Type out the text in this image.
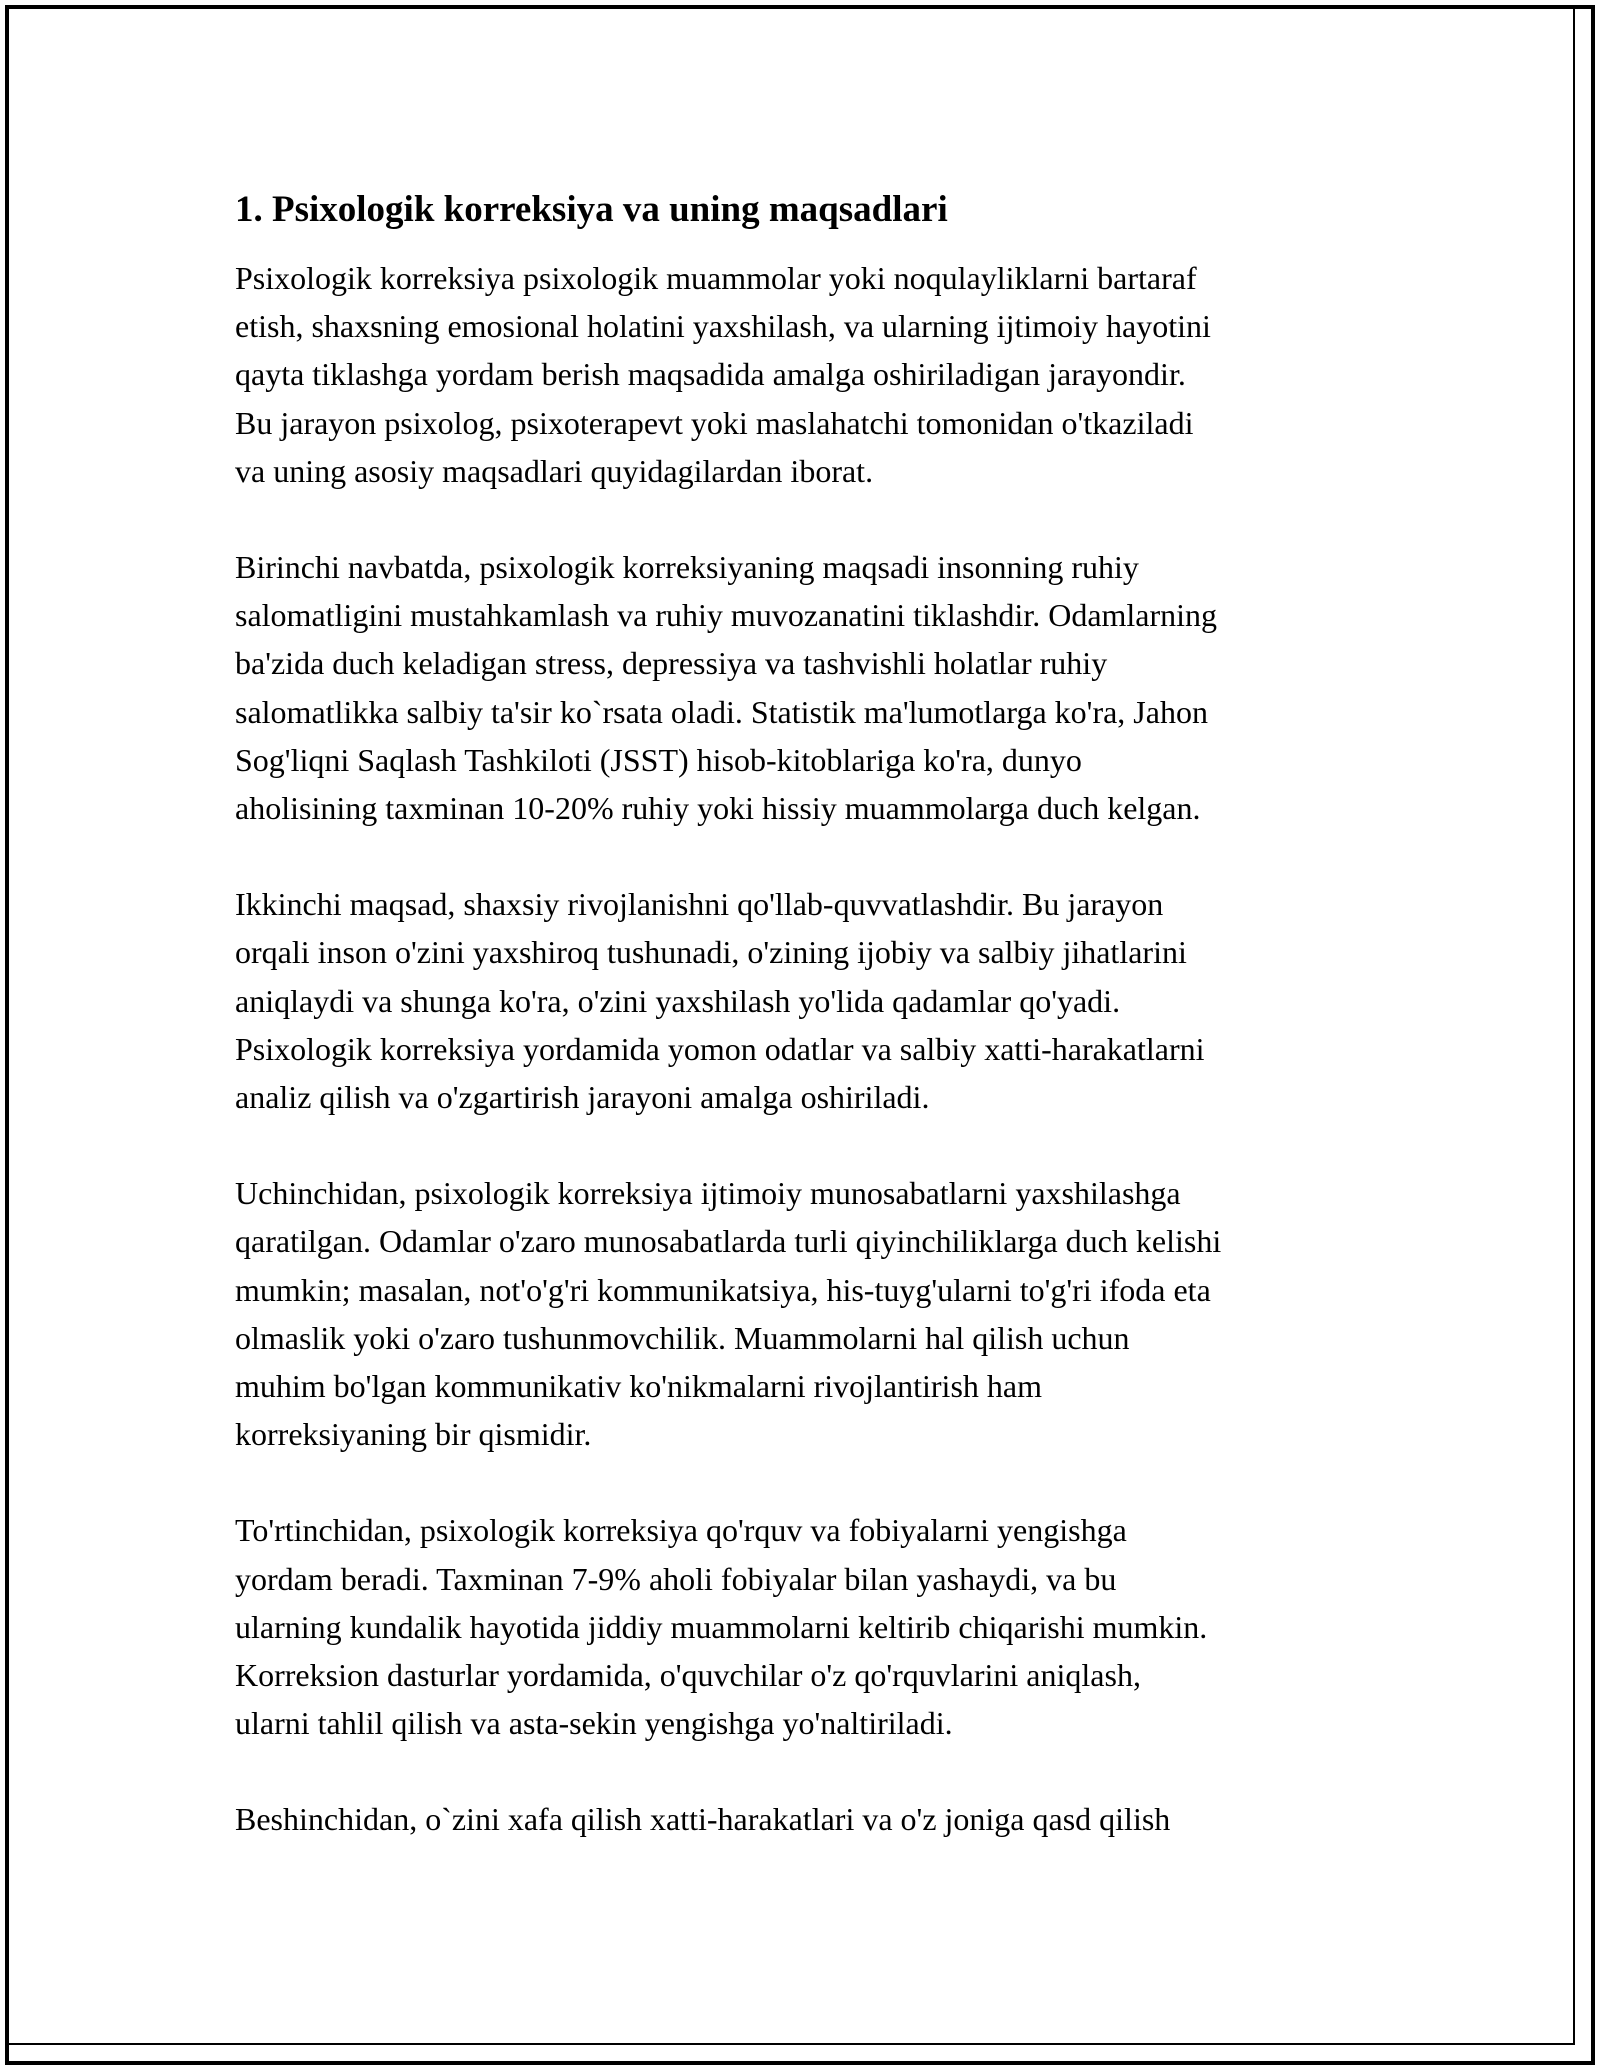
1. Psixologik korreksiya va uning maqsadlari
Psixologik korreksiya psixologik muammolar yoki noqulayliklarni bartaraf
etish, shaxsning emosional holatini yaxshilash, va ularning ijtimoiy hayotini
qayta tiklashga yordam berish maqsadida amalga oshiriladigan jarayondir.
Bu jarayon psixolog, psixoterapevt yoki maslahatchi tomonidan o'tkaziladi
va uning asosiy maqsadlari quyidagilardan iborat.
Birinchi navbatda, psixologik korreksiyaning maqsadi insonning ruhiy
salomatligini mustahkamlash va ruhiy muvozanatini tiklashdir. Odamlarning
ba'zida duch keladigan stress, depressiya va tashvishli holatlar ruhiy
salomatlikka salbiy ta'sir ko`rsata oladi. Statistik ma'lumotlarga ko'ra, Jahon
Sog'liqni Saqlash Tashkiloti (JSST) hisob-kitoblariga ko'ra, dunyo
aholisining taxminan 10-20% ruhiy yoki hissiy muammolarga duch kelgan.
Ikkinchi maqsad, shaxsiy rivojlanishni qo'llab-quvvatlashdir. Bu jarayon
orqali inson o'zini yaxshiroq tushunadi, o'zining ijobiy va salbiy jihatlarini
aniqlaydi va shunga ko'ra, o'zini yaxshilash yo'lida qadamlar qo'yadi.
Psixologik korreksiya yordamida yomon odatlar va salbiy xatti-harakatlarni
analiz qilish va o'zgartirish jarayoni amalga oshiriladi.
Uchinchidan, psixologik korreksiya ijtimoiy munosabatlarni yaxshilashga
qaratilgan. Odamlar o'zaro munosabatlarda turli qiyinchiliklarga duch kelishi
mumkin; masalan, not'o'g'ri kommunikatsiya, his-tuyg'ularni to'g'ri ifoda eta
olmaslik yoki o'zaro tushunmovchilik. Muammolarni hal qilish uchun
muhim bo'lgan kommunikativ ko'nikmalarni rivojlantirish ham
korreksiyaning bir qismidir.
To'rtinchidan, psixologik korreksiya qo'rquv va fobiyalarni yengishga
yordam beradi. Taxminan 7-9% aholi fobiyalar bilan yashaydi, va bu
ularning kundalik hayotida jiddiy muammolarni keltirib chiqarishi mumkin.
Korreksion dasturlar yordamida, o'quvchilar o'z qo'rquvlarini aniqlash,
ularni tahlil qilish va asta-sekin yengishga yo'naltiriladi.
Beshinchidan, o`zini xafa qilish xatti-harakatlari va o'z joniga qasd qilish
